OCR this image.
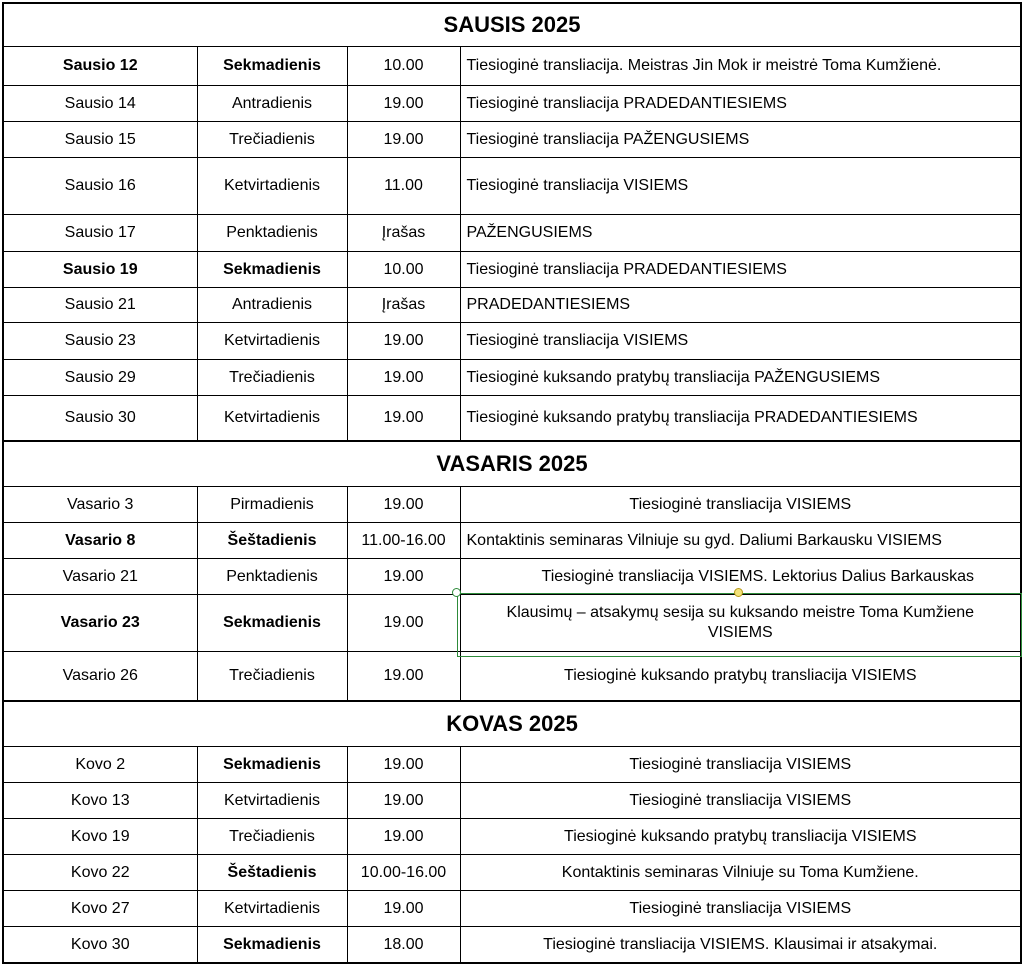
SAUSIS 2025			
Sausio 12	Sekmadienis	10.00	Tiesioginė transliacija. Meistras Jin Mok ir meistrė Toma Kumžienė.
Sausio 14	Antradienis	19.00	Tiesioginė transliacija PRADEDANTIESIEMS
Sausio 15	Trečiadienis	19.00	Tiesioginė transliacija PAŽENGUSIEMS
Sausio 16	Ketvirtadienis	11.00	Tiesioginė transliacija VISIEMS
Sausio 17	Penktadienis	Įrašas	PAŽENGUSIEMS
Sausio 19	Sekmadienis	10.00	Tiesioginė transliacija PRADEDANTIESIEMS
Sausio 21	Antradienis	Įrašas	PRADEDANTIESIEMS
Sausio 23	Ketvirtadienis	19.00	Tiesioginė transliacija VISIEMS
Sausio 29	Trečiadienis	19.00	Tiesioginė kuksando pratybų transliacija PAŽENGUSIEMS
Sausio 30	Ketvirtadienis	19.00	Tiesioginė kuksando pratybų transliacija PRADEDANTIESIEMS
VASARIS 2025			
Vasario 3	Pirmadienis	19.00	Tiesioginė transliacija VISIEMS
Vasario 8	Šeštadienis	11.00-16.00	Kontaktinis seminaras Vilniuje su gyd. Daliumi Barkausku VISIEMS
Vasario 21	Penktadienis	19.00	Tiesioginė transliacija VISIEMS. Lektorius Dalius Barkauskas
Vasario 23	Sekmadienis	19.00	Klausimų – atsakymų sesija su kuksando meistre Toma Kumžiene VISIEMS
Vasario 26	Trečiadienis	19.00	Tiesioginė kuksando pratybų transliacija VISIEMS
KOVAS 2025			
Kovo 2	Sekmadienis	19.00	Tiesioginė transliacija VISIEMS
Kovo 13	Ketvirtadienis	19.00	Tiesioginė transliacija VISIEMS
Kovo 19	Trečiadienis	19.00	Tiesioginė kuksando pratybų transliacija VISIEMS
Kovo 22	Šeštadienis	10.00-16.00	Kontaktinis seminaras Vilniuje su Toma Kumžiene.
Kovo 27	Ketvirtadienis	19.00	Tiesioginė transliacija VISIEMS
Kovo 30	Sekmadienis	18.00	Tiesioginė transliacija VISIEMS. Klausimai ir atsakymai.
